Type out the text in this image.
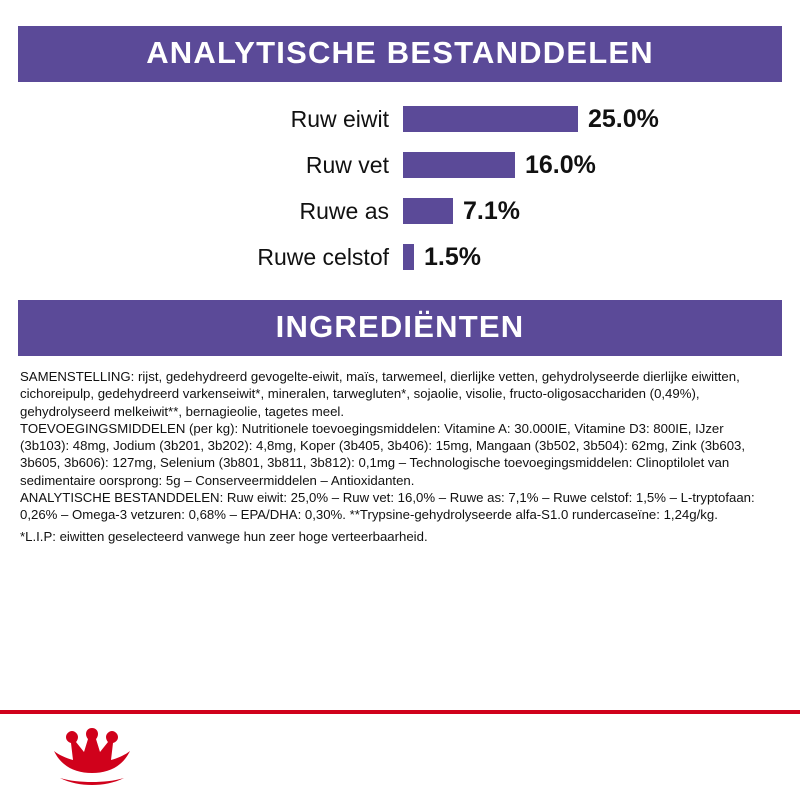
ANALYTISCHE BESTANDDELEN
Ruw eiwit	25.0%
Ruw vet	16.0%
Ruwe as	7.1%
Ruwe celstof	1.5%
INGREDIËNTEN

SAMENSTELLING: rijst, gedehydreerd gevogelte-eiwit, maïs, tarwemeel, dierlijke vetten, gehydrolyseerde dierlijke eiwitten, cichoreipulp, gedehydreerd varkenseiwit*, mineralen, tarwegluten*, sojaolie, visolie, fructo-oligosacchariden (0,49%), gehydrolyseerd melkeiwit**, bernagieolie, tagetes meel.

TOEVOEGINGSMIDDELEN (per kg): Nutritionele toevoegingsmiddelen: Vitamine A: 30.000IE, Vitamine D3: 800IE, IJzer (3b103): 48mg, Jodium (3b201, 3b202): 4,8mg, Koper (3b405, 3b406): 15mg, Mangaan (3b502, 3b504): 62mg, Zink (3b603, 3b605, 3b606): 127mg, Selenium (3b801, 3b811, 3b812): 0,1mg – Technologische toevoegingsmiddelen: Clinoptilolet van sedimentaire oorsprong: 5g – Conserveermiddelen – Antioxidanten.

ANALYTISCHE BESTANDDELEN: Ruw eiwit: 25,0% – Ruw vet: 16,0% – Ruwe as: 7,1% – Ruwe celstof: 1,5% – L-tryptofaan: 0,26% – Omega-3 vetzuren: 0,68% – EPA/DHA: 0,30%. **Trypsine-gehydrolyseerde alfa-S1.0 rundercaseïne: 1,24g/kg.

*L.I.P: eiwitten geselecteerd vanwege hun zeer hoge verteerbaarheid.
